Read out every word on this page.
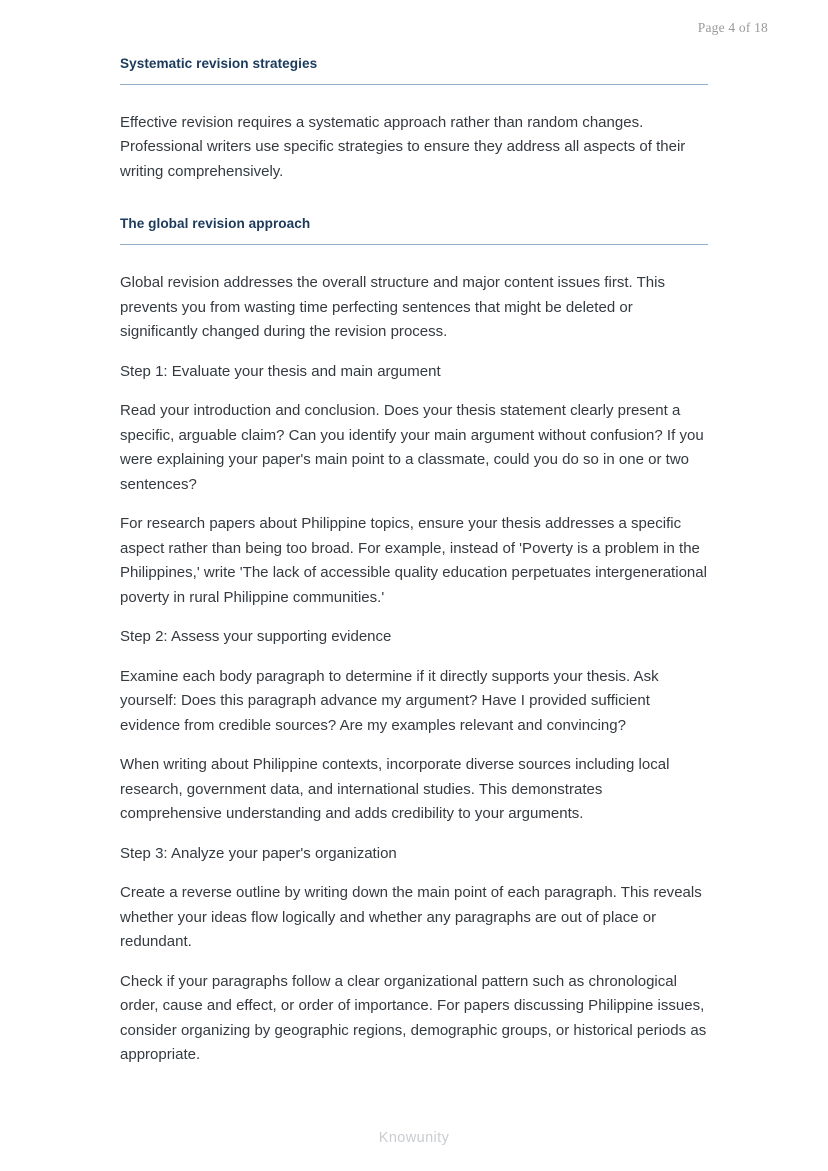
Page 4 of 18
Systematic revision strategies

Effective revision requires a systematic approach rather than random changes. Professional writers use specific strategies to ensure they address all aspects of their writing comprehensively.

The global revision approach

Global revision addresses the overall structure and major content issues first. This prevents you from wasting time perfecting sentences that might be deleted or significantly changed during the revision process.

Step 1: Evaluate your thesis and main argument

Read your introduction and conclusion. Does your thesis statement clearly present a specific, arguable claim? Can you identify your main argument without confusion? If you were explaining your paper's main point to a classmate, could you do so in one or two sentences?

For research papers about Philippine topics, ensure your thesis addresses a specific aspect rather than being too broad. For example, instead of 'Poverty is a problem in the Philippines,' write 'The lack of accessible quality education perpetuates intergenerational poverty in rural Philippine communities.'

Step 2: Assess your supporting evidence

Examine each body paragraph to determine if it directly supports your thesis. Ask yourself: Does this paragraph advance my argument? Have I provided sufficient evidence from credible sources? Are my examples relevant and convincing?

When writing about Philippine contexts, incorporate diverse sources including local research, government data, and international studies. This demonstrates comprehensive understanding and adds credibility to your arguments.

Step 3: Analyze your paper's organization

Create a reverse outline by writing down the main point of each paragraph. This reveals whether your ideas flow logically and whether any paragraphs are out of place or redundant.

Check if your paragraphs follow a clear organizational pattern such as chronological order, cause and effect, or order of importance. For papers discussing Philippine issues, consider organizing by geographic regions, demographic groups, or historical periods as appropriate.

Knowunity
